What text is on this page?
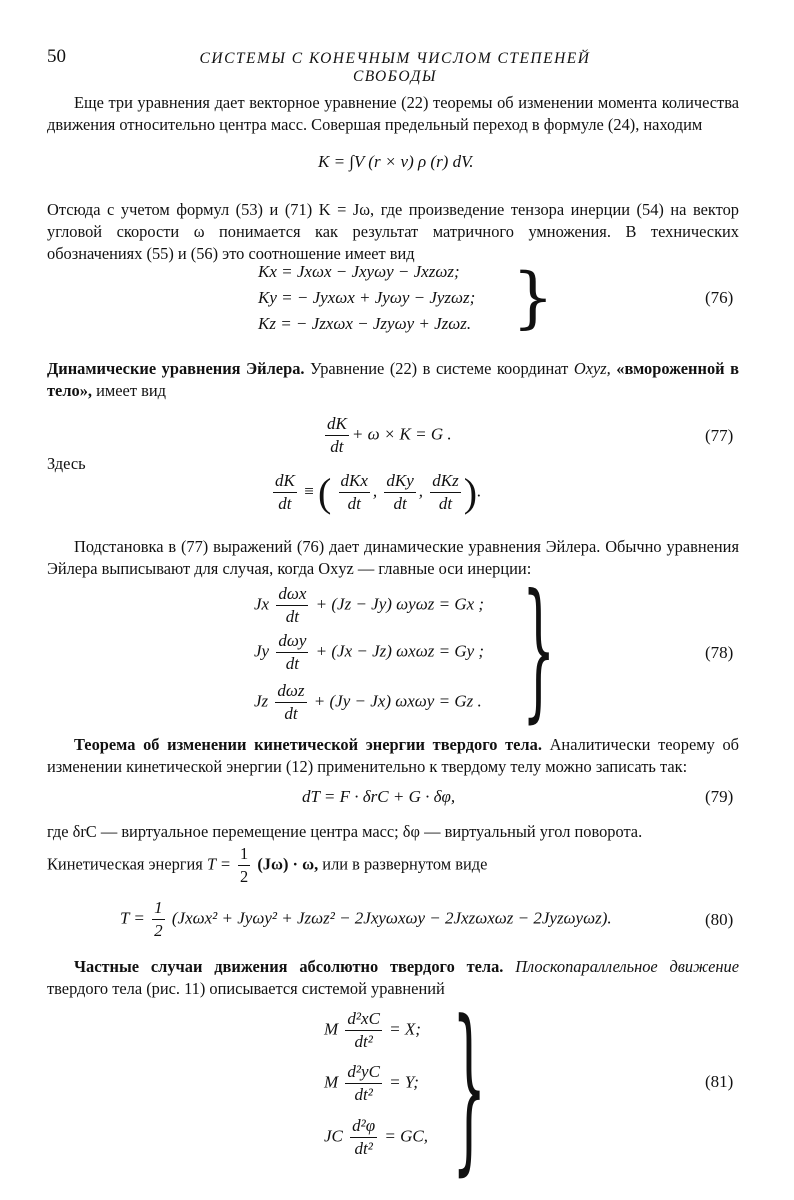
50	СИСТЕМЫ С КОНЕЧНЫМ ЧИСЛОМ СТЕПЕНЕЙ СВОБОДЫ
Еще три уравнения дает векторное уравнение (22) теоремы об изменении момента количества движения относительно центра масс. Совершая предельный переход в формуле (24), находим
K = ∫V (r × v) ρ (r) dV.
Отсюда с учетом формул (53) и (71) K = Jω, где произведение тензора инерции (54) на вектор угловой скорости ω понимается как результат матричного умножения. В технических обозначениях (55) и (56) это соотношение имеет вид
Kx = Jxωx − Jxyωy − Jxzωz;
Ky = − Jyxωx + Jyωy − Jyzωz;
Kz = − Jzxωx − Jzyωy + Jzωz. }	(76)
Динамические уравнения Эйлера. Уравнение (22) в системе координат Oxyz, «вмороженной в тело», имеет вид
$\frac{dK}{dt} + \omega \times K = G$ .	(77)
Здесь
$\frac{dK}{dt}$ ≡ ( $\frac{\text{dKx}}{dt}$ , $\frac{\text{dKy}}{dt}$ , $\frac{\text{dKz}}{dt}$ ).
Подстановка в (77) выражений (76) дает динамические уравнения Эйлера. Обычно уравнения Эйлера выписывают для случая, когда Oxyz — главные оси инерции:
Jx $\frac{\text{dωx}}{dt} + (Jz - Jy) \omega y\omega z = Gx$ ;
Jy $\frac{\text{dωy}}{dt} + (Jx - Jz) \omega x\omega z = Gy$ ;
Jz $\frac{\text{dωz}}{dt} + (Jy - Jx) \omega x\omega y = Gz$ . }	(78)
Теорема об изменении кинетической энергии твердого тела. Аналитически теорему об изменении кинетической энергии (12) применительно к твердому телу можно записать так:
dT = F · δrC + G · δφ,	(79)
где δrC — виртуальное перемещение центра масс; δφ — виртуальный угол поворота.
Кинетическая энергия $T = \frac{1}{2} (J\omega) \cdot \omega$, или в развернутом виде
$T = \frac{1}{2} (Jx\omega x^2 + Jy\omega y^2 + Jz\omega z^2 - 2Jxy\omega x\omega y - 2Jxz\omega x\omega z - 2Jyz\omega y\omega z)$.	(80)
Частные случаи движения абсолютно твердого тела. Плоскопараллельное движение твердого тела (рис. 11) описывается системой уравнений
M $\frac{\text{d²xC}}{\text{dt²}} = X$;
M $\frac{\text{d²yC}}{\text{dt²}} = Y$;
JC $\frac{\text{d²φ}}{\text{dt²}}$ = GC, }	(81)
